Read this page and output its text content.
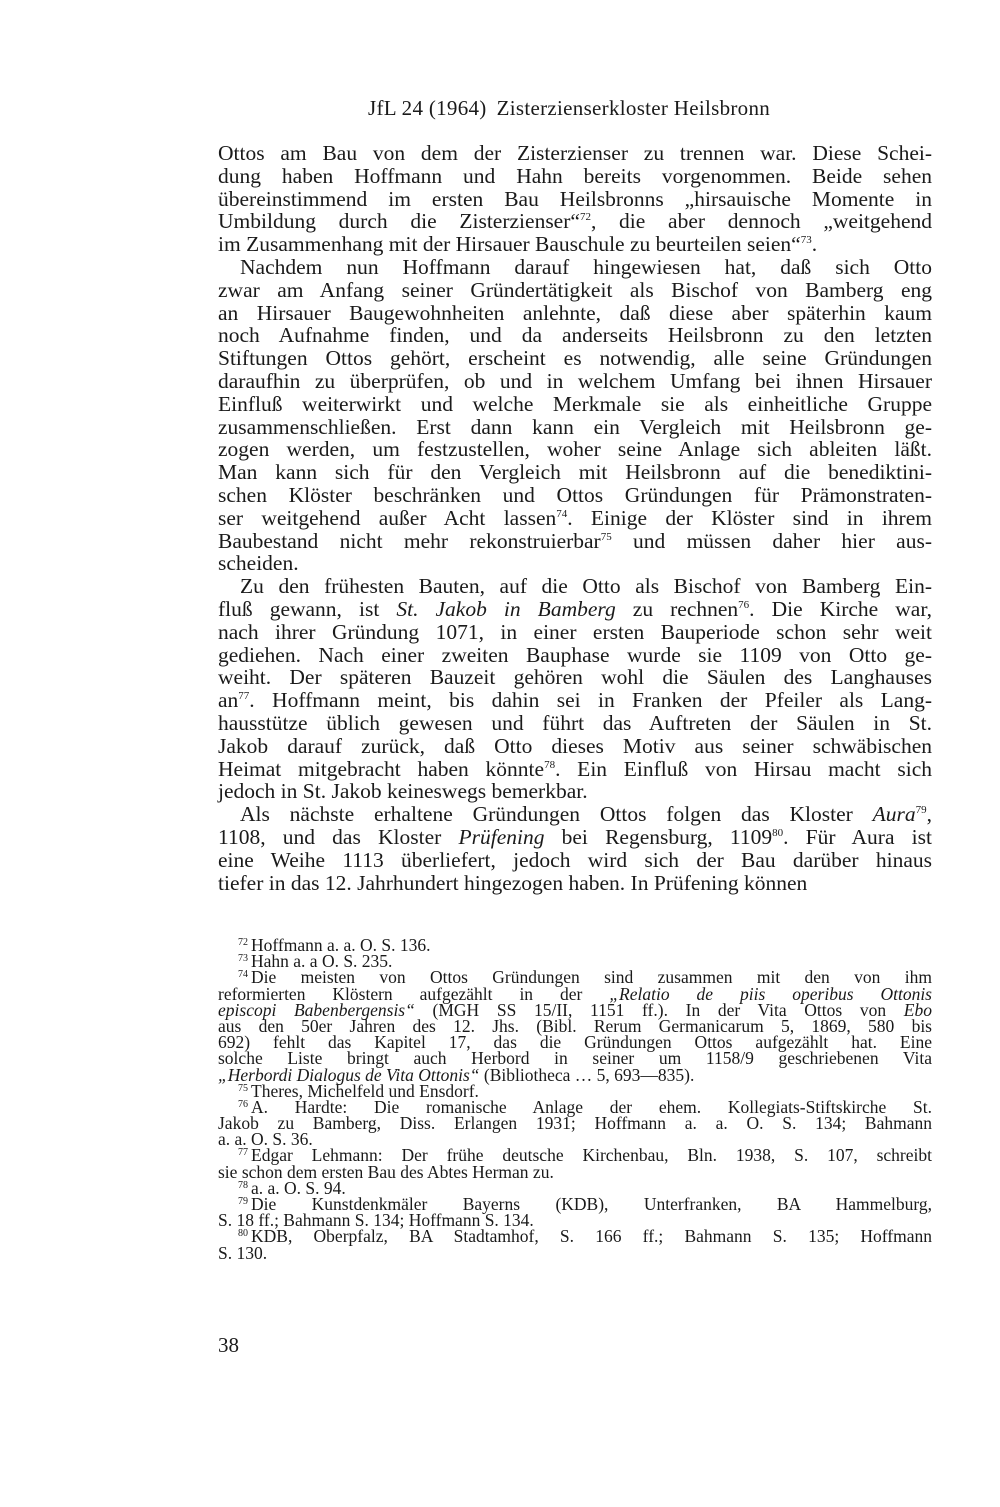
JfL 24 (1964) Zisterzienserkloster Heilsbronn
Ottos am Bau von dem der Zisterzienser zu trennen war. Diese Schei-
dung haben Hoffmann und Hahn bereits vorgenommen. Beide sehen
übereinstimmend im ersten Bau Heilsbronns „hirsauische Momente in
Umbildung durch die Zisterzienser“$^{72}$, die aber dennoch „weitgehend
im Zusammenhang mit der Hirsauer Bauschule zu beurteilen seien“$^{73}$.
Nachdem nun Hoffmann darauf hingewiesen hat, daß sich Otto
zwar am Anfang seiner Gründertätigkeit als Bischof von Bamberg eng
an Hirsauer Baugewohnheiten anlehnte, daß diese aber späterhin kaum
noch Aufnahme finden, und da anderseits Heilsbronn zu den letzten
Stiftungen Ottos gehört, erscheint es notwendig, alle seine Gründungen
daraufhin zu überprüfen, ob und in welchem Umfang bei ihnen Hirsauer
Einfluß weiterwirkt und welche Merkmale sie als einheitliche Gruppe
zusammenschließen. Erst dann kann ein Vergleich mit Heilsbronn ge-
zogen werden, um festzustellen, woher seine Anlage sich ableiten läßt.
Man kann sich für den Vergleich mit Heilsbronn auf die benediktini-
schen Klöster beschränken und Ottos Gründungen für Prämonstraten-
ser weitgehend außer Acht lassen$^{74}$. Einige der Klöster sind in ihrem
Baubestand nicht mehr rekonstruierbar$^{75}$ und müssen daher hier aus-
scheiden.
Zu den frühesten Bauten, auf die Otto als Bischof von Bamberg Ein-
fluß gewann, ist St. Jakob in Bamberg zu rechnen$^{76}$. Die Kirche war,
nach ihrer Gründung 1071, in einer ersten Bauperiode schon sehr weit
gediehen. Nach einer zweiten Bauphase wurde sie 1109 von Otto ge-
weiht. Der späteren Bauzeit gehören wohl die Säulen des Langhauses
$an^{77}$. Hoffmann meint, bis dahin sei in Franken der Pfeiler als Lang-
hausstütze üblich gewesen und führt das Auftreten der Säulen in St.
Jakob darauf zurück, daß Otto dieses Motiv aus seiner schwäbischen
Heimat mitgebracht haben könnte$^{78}$. Ein Einfluß von Hirsau macht sich
jedoch in St. Jakob keineswegs bemerkbar.
Als nächste erhaltene Gründungen Ottos folgen das Kloster Aura$^{79}$,
1108, und das Kloster Prüfening bei Regensburg, 1109$^{80}$. Für Aura ist
eine Weihe 1113 überliefert, jedoch wird sich der Bau darüber hinaus
tiefer in das 12. Jahrhundert hingezogen haben. In Prüfening können
$^{72}$ Hoffmann a. a. O. S. 136.
$^{73}$ Hahn a. a O. S. 235.
$^{74}$ Die meisten von Ottos Gründungen sind zusammen mit den von ihm
reformierten Klöstern aufgezählt in der „Relatio de piis operibus Ottonis
episcopi Babenbergensis“ (MGH SS 15/II, 1151 ff.). In der Vita Ottos von Ebo
aus den 50er Jahren des 12. Jhs. (Bibl. Rerum Germanicarum 5, 1869, 580 bis
692) fehlt das Kapitel 17, das die Gründungen Ottos aufgezählt hat. Eine
solche Liste bringt auch Herbord in seiner um 1158/9 geschriebenen Vita
„Herbordi Dialogus de Vita Ottonis“ (Bibliotheca … 5, 693—835).
$^{75}$ Theres, Michelfeld und Ensdorf.
$^{76}$ A. Hardte: Die romanische Anlage der ehem. Kollegiats-Stiftskirche St.
Jakob zu Bamberg, Diss. Erlangen 1931; Hoffmann a. a. O. S. 134; Bahmann
a. a. O. S. 36.
$^{77}$ Edgar Lehmann: Der frühe deutsche Kirchenbau, Bln. 1938, S. 107, schreibt
sie schon dem ersten Bau des Abtes Herman zu.
$^{78}$ a. a. O. S. 94.
$^{79}$ Die Kunstdenkmäler Bayerns (KDB), Unterfranken, BA Hammelburg,
S. 18 ff.; Bahmann S. 134; Hoffmann S. 134.
$^{80}$ KDB, Oberpfalz, BA Stadtamhof, S. 166 ff.; Bahmann S. 135; Hoffmann
S. 130.
38
